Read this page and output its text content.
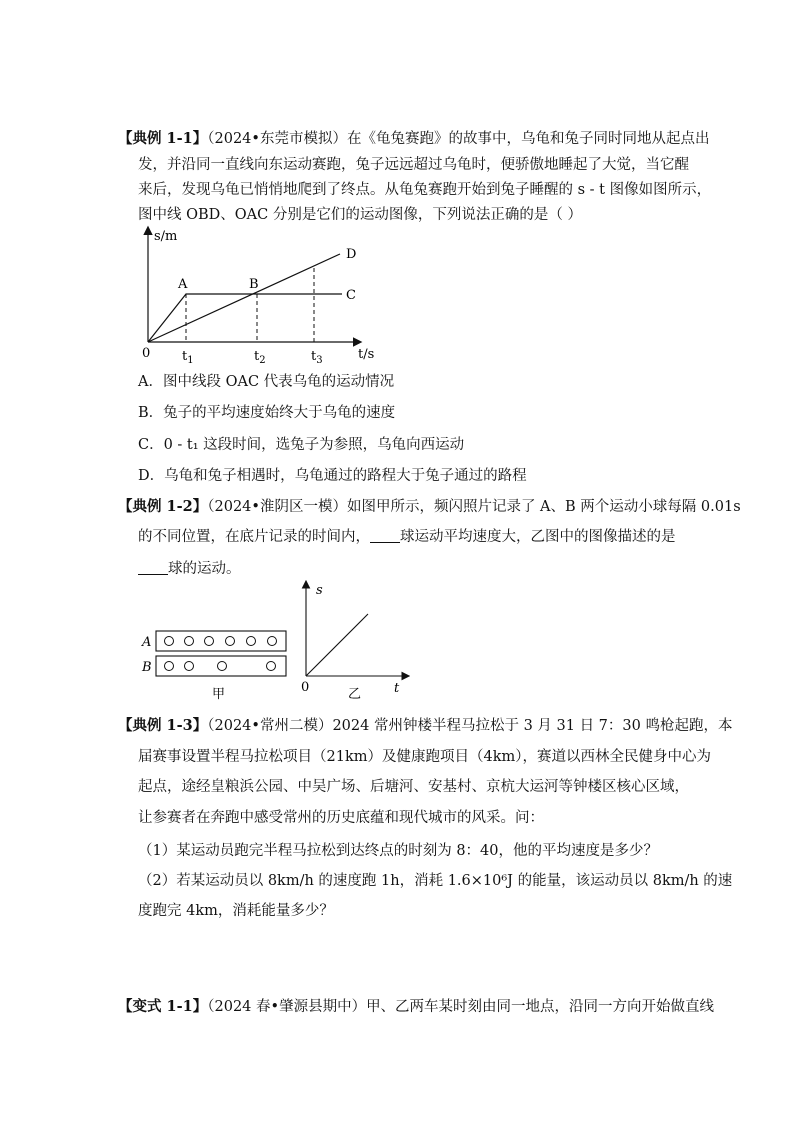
【典例 1-1】（2024•东莞市模拟）在《龟兔赛跑》的故事中，乌龟和兔子同时同地从起点出
发，并沿同一直线向东运动赛跑，兔子远远超过乌龟时，便骄傲地睡起了大觉，当它醒
来后，发现乌龟已悄悄地爬到了终点。从龟兔赛跑开始到兔子睡醒的 s - t 图像如图所示，
图中线 OBD、OAC 分别是它们的运动图像，下列说法正确的是（ ）
s/m
t/s
0
A	B
C
D
$t_1$	$t_2$	$t_3$
A．图中线段 OAC 代表乌龟的运动情况
B．兔子的平均速度始终大于乌龟的速度
C．0 - t₁ 这段时间，选兔子为参照，乌龟向西运动
D．乌龟和兔子相遇时，乌龟通过的路程大于兔子通过的路程
【典例 1-2】（2024•淮阴区一模）如图甲所示，频闪照片记录了 A、B 两个运动小球每隔 0.01s
的不同位置，在底片记录的时间内， 球运动平均速度大，乙图中的图像描述的是
球的运动。
A
B
甲
s
t
0	乙
【典例 1-3】（2024•常州二模）2024 常州钟楼半程马拉松于 3 月 31 日 7：30 鸣枪起跑，本
届赛事设置半程马拉松项目（21km）及健康跑项目（4km），赛道以西林全民健身中心为
起点，途经皇粮浜公园、中吴广场、后塘河、安基村、京杭大运河等钟楼区核心区域，
让参赛者在奔跑中感受常州的历史底蕴和现代城市的风采。问：
（1）某运动员跑完半程马拉松到达终点的时刻为 8：40，他的平均速度是多少？
（2）若某运动员以 8km/h 的速度跑 1h，消耗 1.6×10⁶J 的能量，该运动员以 8km/h 的速
度跑完 4km，消耗能量多少？
【变式 1-1】（2024 春•肇源县期中）甲、乙两车某时刻由同一地点，沿同一方向开始做直线
